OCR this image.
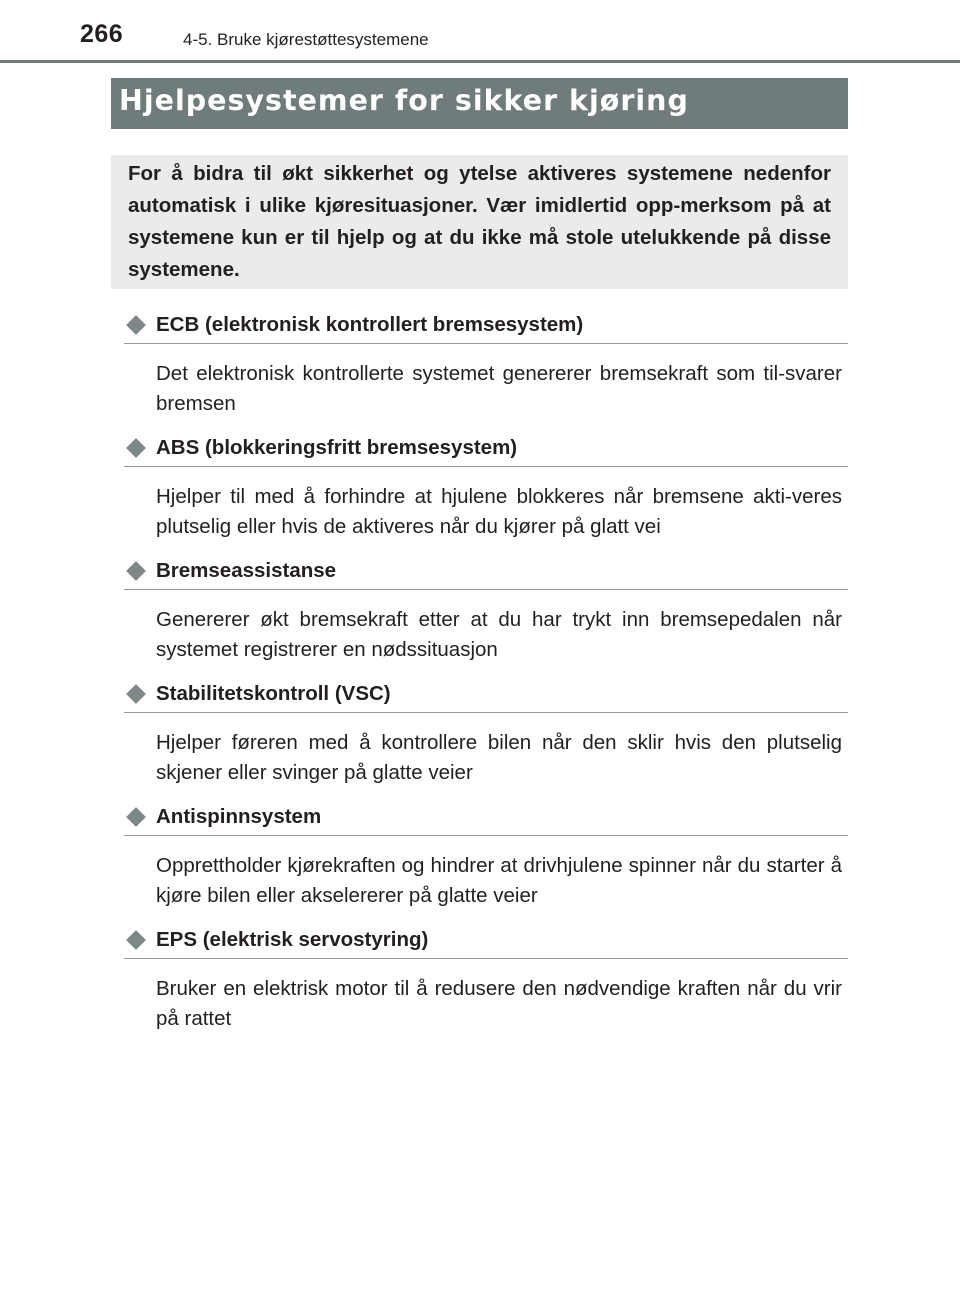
266	4-5. Bruke kjørestøttesystemene
Hjelpesystemer for sikker kjøring

For å bidra til økt sikkerhet og ytelse aktiveres systemene nedenfor automatisk i ulike kjøresituasjoner. Vær imidlertid opp-merksom på at systemene kun er til hjelp og at du ikke må stole utelukkende på disse systemene.

ECB (elektronisk kontrollert bremsesystem)
Det elektronisk kontrollerte systemet genererer bremsekraft som til-svarer bremsen
ABS (blokkeringsfritt bremsesystem)
Hjelper til med å forhindre at hjulene blokkeres når bremsene akti-veres plutselig eller hvis de aktiveres når du kjører på glatt vei
Bremseassistanse
Genererer økt bremsekraft etter at du har trykt inn bremsepedalen når systemet registrerer en nødssituasjon
Stabilitetskontroll (VSC)
Hjelper føreren med å kontrollere bilen når den sklir hvis den plutselig skjener eller svinger på glatte veier
Antispinnsystem
Opprettholder kjørekraften og hindrer at drivhjulene spinner når du starter å kjøre bilen eller akselererer på glatte veier
EPS (elektrisk servostyring)
Bruker en elektrisk motor til å redusere den nødvendige kraften når du vrir på rattet
